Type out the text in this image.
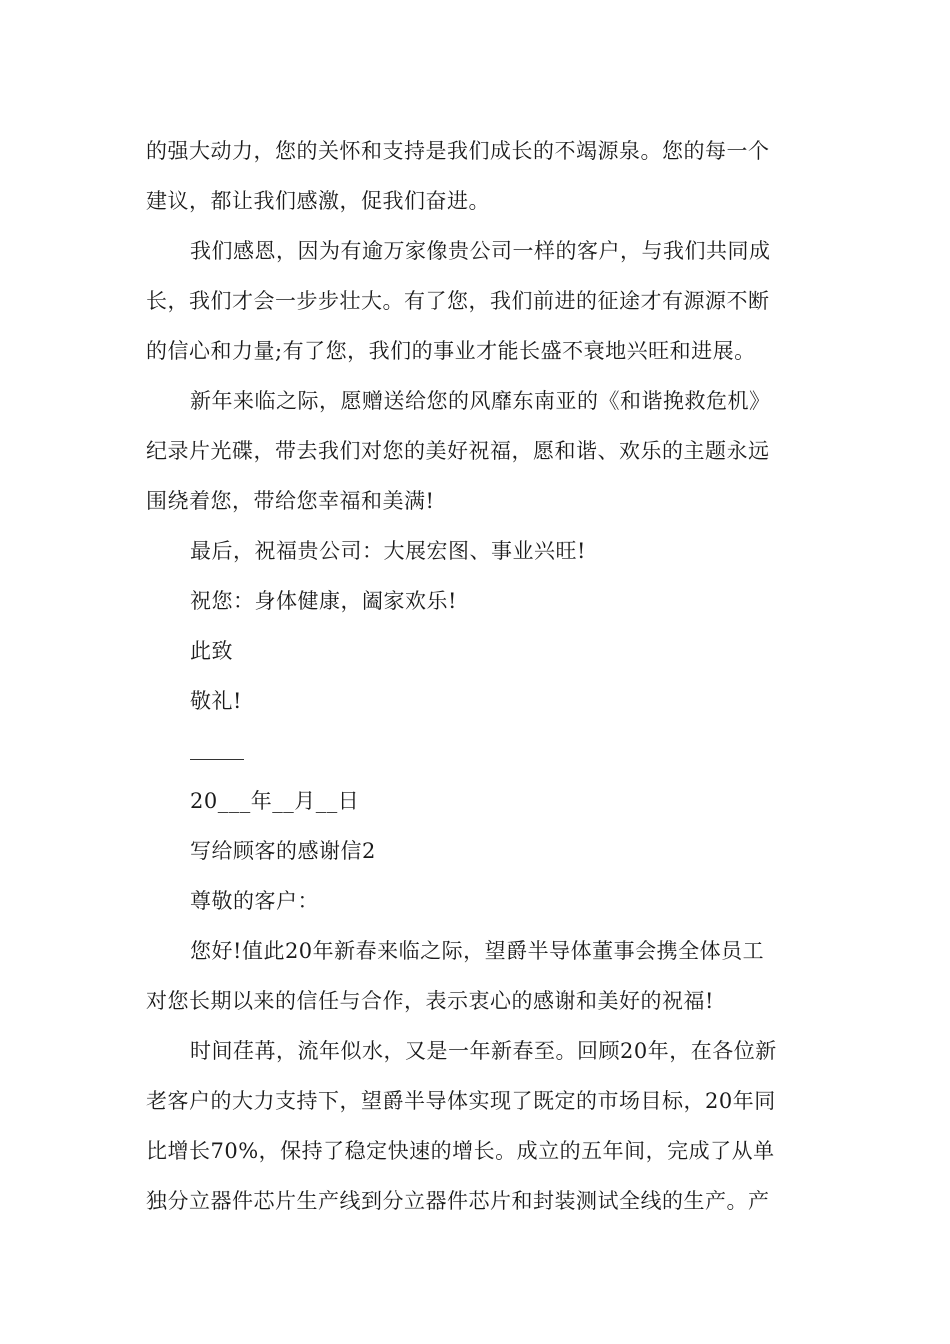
的强大动力，您的关怀和支持是我们成长的不竭源泉。您的每一个
建议，都让我们感激，促我们奋进。
我们感恩，因为有逾万家像贵公司一样的客户，与我们共同成
长，我们才会一步步壮大。有了您，我们前进的征途才有源源不断
的信心和力量;有了您，我们的事业才能长盛不衰地兴旺和进展。
新年来临之际，愿赠送给您的风靡东南亚的《和谐挽救危机》
纪录片光碟，带去我们对您的美好祝福，愿和谐、欢乐的主题永远
围绕着您，带给您幸福和美满!
最后，祝福贵公司：大展宏图、事业兴旺!
祝您：身体健康，阖家欢乐!
此致
敬礼!
20___年__月__日
写给顾客的感谢信2
尊敬的客户：
您好!值此20年新春来临之际，望爵半导体董事会携全体员工
对您长期以来的信任与合作，表示衷心的感谢和美好的祝福!
时间荏苒，流年似水，又是一年新春至。回顾20年，在各位新
老客户的大力支持下，望爵半导体实现了既定的市场目标，20年同
比增长70%，保持了稳定快速的增长。成立的五年间，完成了从单
独分立器件芯片生产线到分立器件芯片和封装测试全线的生产。产
